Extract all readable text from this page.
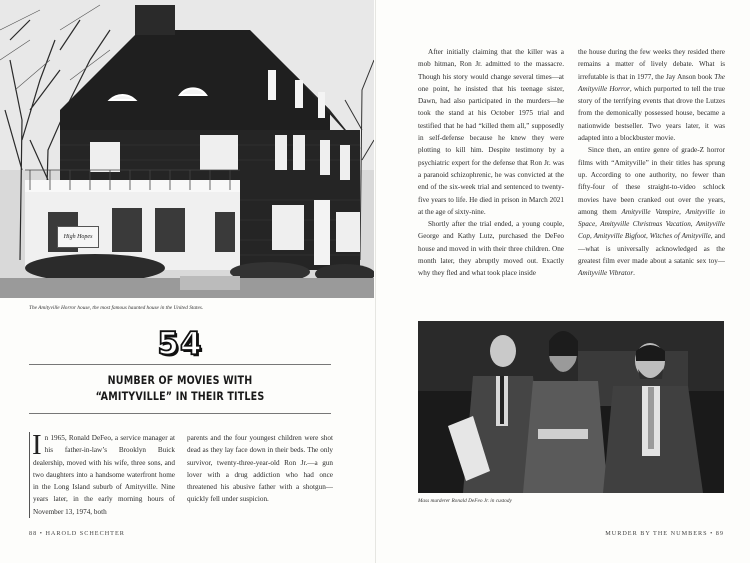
High Hopes
The Amityville Horror house, the most famous haunted house in the United States.
54
NUMBER OF MOVIES WITH
“AMITYVILLE” IN THEIR TITLES

In 1965, Ronald DeFeo, a service manager at his father-in-law’s Brooklyn Buick dealership, moved with his wife, three sons, and two daughters into a handsome waterfront home in the Long Island suburb of Amityville. Nine years later, in the early morning hours of November 13, 1974, both

parents and the four youngest children were shot dead as they lay face down in their beds. The only survivor, twenty-three-year-old Ron Jr.—a gun lover with a drug addiction who had once threatened his abusive father with a shotgun—quickly fell under suspicion.

88 • HAROLD SCHECHTER

After initially claiming that the killer was a mob hitman, Ron Jr. admitted to the massacre. Though his story would change several times—at one point, he insisted that his teenage sister, Dawn, had also participated in the murders—he took the stand at his October 1975 trial and testified that he had “killed them all,” supposedly in self-defense because he knew they were plotting to kill him. Despite testimony by a psychiatric expert for the defense that Ron Jr. was a paranoid schizophrenic, he was convicted at the end of the six-week trial and sentenced to twenty-five years to life. He died in prison in March 2021 at the age of sixty-nine.

Shortly after the trial ended, a young couple, George and Kathy Lutz, purchased the DeFeo house and moved in with their three children. One month later, they abruptly moved out. Exactly why they fled and what took place inside

the house during the few weeks they resided there remains a matter of lively debate. What is irrefutable is that in 1977, the Jay Anson book The Amityville Horror, which purported to tell the true story of the terrifying events that drove the Lutzes from the demonically possessed house, became a nationwide bestseller. Two years later, it was adapted into a blockbuster movie.

Since then, an entire genre of grade-Z horror films with “Amityville” in their titles has sprung up. According to one authority, no fewer than fifty-four of these straight-to-video schlock movies have been cranked out over the years, among them Amityville Vampire, Amityville in Space, Amityville Christmas Vacation, Amityville Cop, Amityville Bigfoot, Witches of Amityville, and—what is universally acknowledged as the greatest film ever made about a satanic sex toy—Amityville Vibrator.

Mass murderer Ronald DeFeo Jr. in custody
MURDER BY THE NUMBERS • 89
